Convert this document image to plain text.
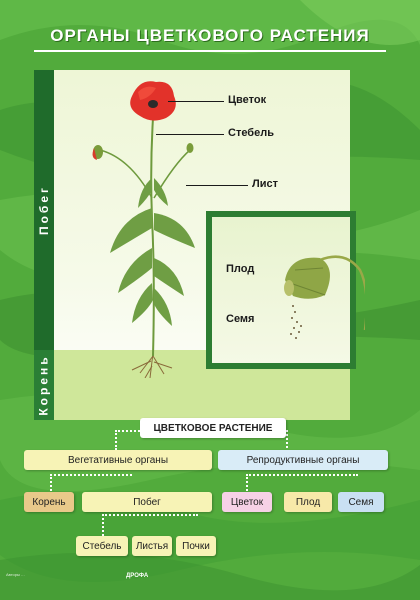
ОРГАНЫ ЦВЕТКОВОГО РАСТЕНИЯ
Побег
Корень
Цветок
Стебель
Лист
Плод
Семя
ЦВЕТКОВОЕ РАСТЕНИЕ
Вегетативные органы	Репродуктивные органы
Корень	Побег
Стебель	Листья	Почки
Цветок	Плод	Семя
Авторы …	ДРОФА
